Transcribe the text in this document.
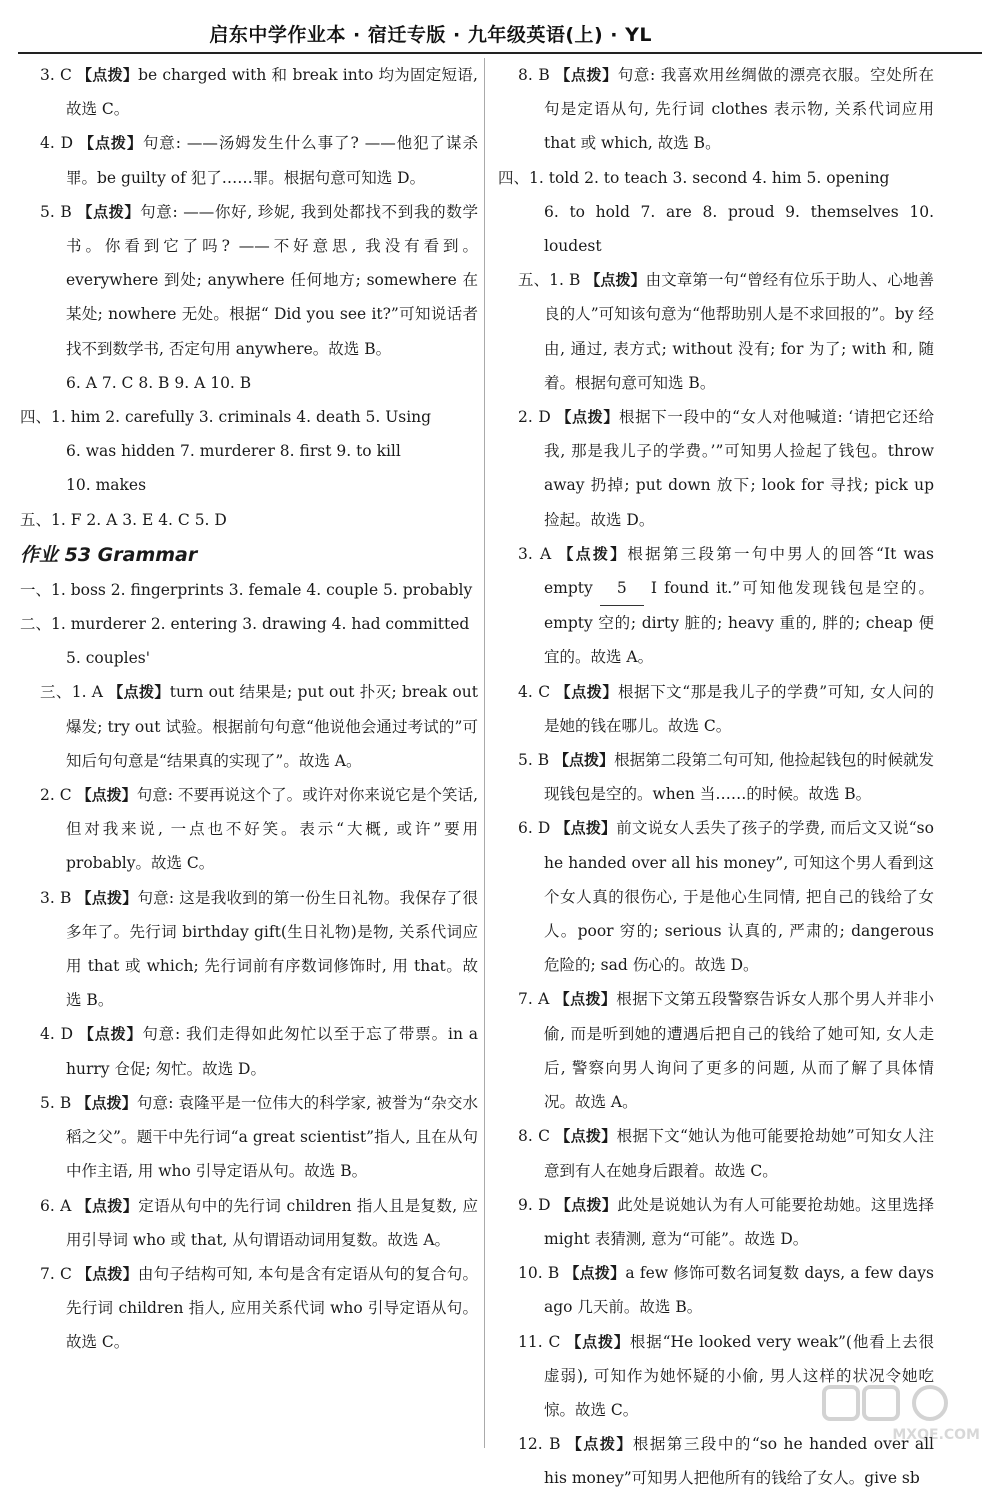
启东中学作业本 · 宿迁专版 · 九年级英语(上) · YL
3. C 【点拨】be charged with 和 break into 均为固定短语, 故选 C。
4. D 【点拨】句意: ——汤姆发生什么事了? ——他犯了谋杀罪。be guilty of 犯了……罪。根据句意可知选 D。
5. B 【点拨】句意: ——你好, 珍妮, 我到处都找不到我的数学书。你看到它了吗? ——不好意思, 我没有看到。everywhere 到处; anywhere 任何地方; somewhere 在某处; nowhere 无处。根据“ Did you see it?”可知说话者找不到数学书, 否定句用 anywhere。故选 B。
6. A 7. C 8. B 9. A 10. B
四、1. him 2. carefully 3. criminals 4. death 5. Using
6. was hidden 7. murderer 8. first 9. to kill
10. makes
五、1. F 2. A 3. E 4. C 5. D
作业 53 Grammar
一、1. boss 2. fingerprints 3. female 4. couple 5. probably
二、1. murderer 2. entering 3. drawing 4. had committed
5. couples'
三、1. A 【点拨】turn out 结果是; put out 扑灭; break out 爆发; try out 试验。根据前句句意“他说他会通过考试的”可知后句句意是“结果真的实现了”。故选 A。
2. C 【点拨】句意: 不要再说这个了。或许对你来说它是个笑话, 但对我来说, 一点也不好笑。表示“大概, 或许”要用 probably。故选 C。
3. B 【点拨】句意: 这是我收到的第一份生日礼物。我保存了很多年了。先行词 birthday gift(生日礼物)是物, 关系代词应用 that 或 which; 先行词前有序数词修饰时, 用 that。故选 B。
4. D 【点拨】句意: 我们走得如此匆忙以至于忘了带票。in a hurry 仓促; 匆忙。故选 D。
5. B 【点拨】句意: 袁隆平是一位伟大的科学家, 被誉为“杂交水稻之父”。题干中先行词“a great scientist”指人, 且在从句中作主语, 用 who 引导定语从句。故选 B。
6. A 【点拨】定语从句中的先行词 children 指人且是复数, 应用引导词 who 或 that, 从句谓语动词用复数。故选 A。
7. C 【点拨】由句子结构可知, 本句是含有定语从句的复合句。先行词 children 指人, 应用关系代词 who 引导定语从句。故选 C。
8. B 【点拨】句意: 我喜欢用丝绸做的漂亮衣服。空处所在句是定语从句, 先行词 clothes 表示物, 关系代词应用 that 或 which, 故选 B。
四、1. told 2. to teach 3. second 4. him 5. opening
6. to hold 7. are 8. proud 9. themselves 10. loudest
五、1. B 【点拨】由文章第一句“曾经有位乐于助人、心地善良的人”可知该句意为“他帮助别人是不求回报的”。by 经由, 通过, 表方式; without 没有; for 为了; with 和, 随着。根据句意可知选 B。
2. D 【点拨】根据下一段中的“女人对他喊道: ‘请把它还给我, 那是我儿子的学费。’”可知男人捡起了钱包。throw away 扔掉; put down 放下; look for 寻找; pick up 捡起。故选 D。
3. A 【点拨】根据第三段第一句中男人的回答“It was empty 5 I found it.”可知他发现钱包是空的。empty 空的; dirty 脏的; heavy 重的, 胖的; cheap 便宜的。故选 A。
4. C 【点拨】根据下文“那是我儿子的学费”可知, 女人问的是她的钱在哪儿。故选 C。
5. B 【点拨】根据第二段第二句可知, 他捡起钱包的时候就发现钱包是空的。when 当……的时候。故选 B。
6. D 【点拨】前文说女人丢失了孩子的学费, 而后文又说“so he handed over all his money”, 可知这个男人看到这个女人真的很伤心, 于是他心生同情, 把自己的钱给了女人。poor 穷的; serious 认真的, 严肃的; dangerous 危险的; sad 伤心的。故选 D。
7. A 【点拨】根据下文第五段警察告诉女人那个男人并非小偷, 而是听到她的遭遇后把自己的钱给了她可知, 女人走后, 警察向男人询问了更多的问题, 从而了解了具体情况。故选 A。
8. C 【点拨】根据下文“她认为他可能要抢劫她”可知女人注意到有人在她身后跟着。故选 C。
9. D 【点拨】此处是说她认为有人可能要抢劫她。这里选择 might 表猜测, 意为“可能”。故选 D。
10. B 【点拨】a few 修饰可数名词复数 days, a few days ago 几天前。故选 B。
11. C 【点拨】根据“He looked very weak”(他看上去很虚弱), 可知作为她怀疑的小偷, 男人这样的状况令她吃惊。故选 C。
12. B 【点拨】根据第三段中的“so he handed over all his money”可知男人把他所有的钱给了女人。give sb
MXQE.COM
